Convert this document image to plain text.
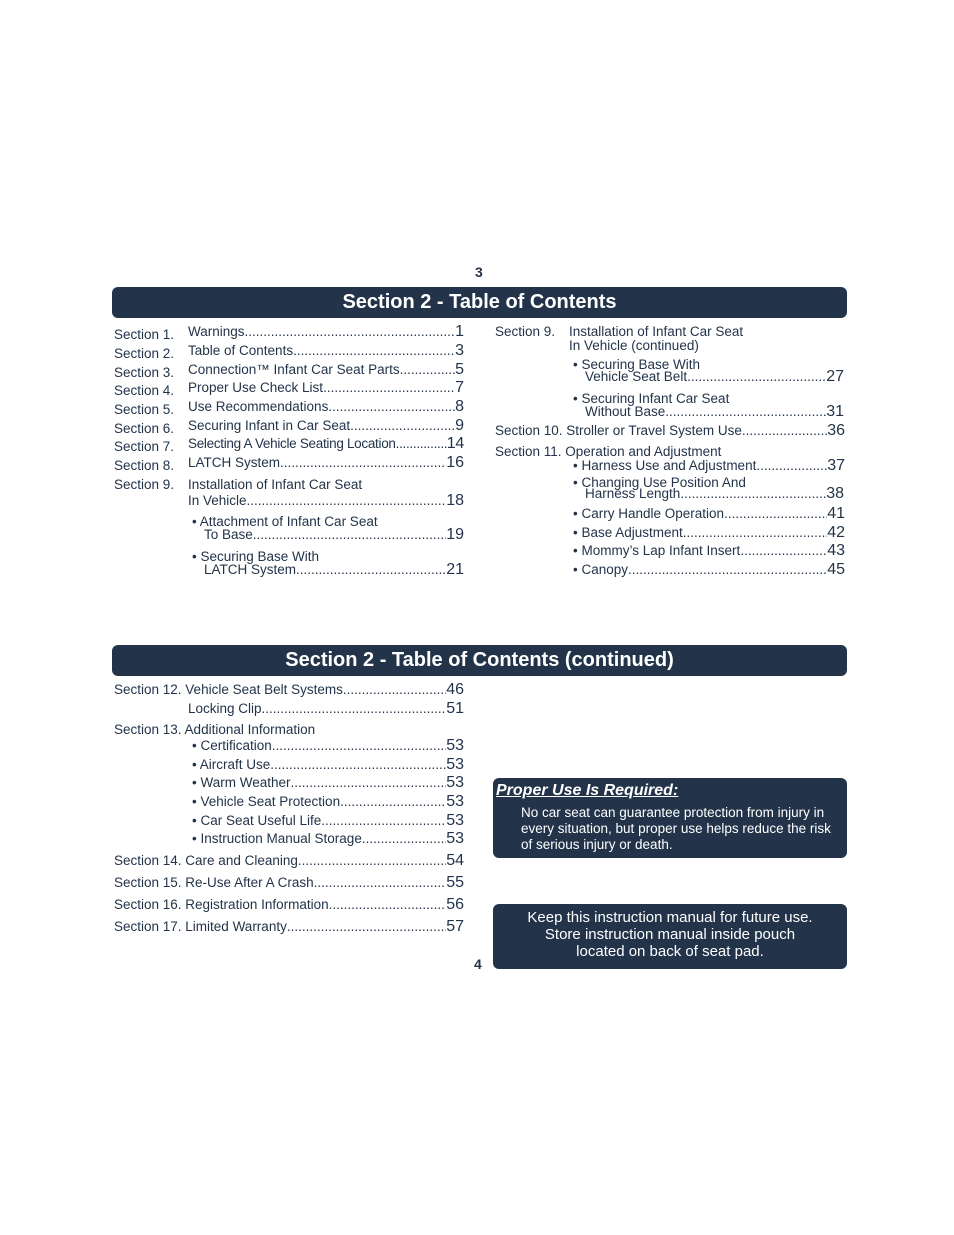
3
Section 2 - Table of Contents
Section 1. Warnings .....	1
Section 2. Table of Contents .....	3
Section 3. Connection™ Infant Car Seat Parts .....	5
Section 4. Proper Use Check List .....	7
Section 5. Use Recommendations .....	8
Section 6. Securing Infant in Car Seat .....	9
Section 7. Selecting A Vehicle Seating Location .....	14
Section 8. LATCH System .....	16
Section 9. Installation of Infant Car Seat
In Vehicle .....	18
• Attachment of Infant Car Seat
To Base .....	19
• Securing Base With
LATCH System .....	21
Section 9. Installation of Infant Car Seat
In Vehicle (continued)
• Securing Base With
Vehicle Seat Belt .....	27
• Securing Infant Car Seat
Without Base .....	31
Section 10. Stroller or Travel System Use .....	36
Section 11. Operation and Adjustment
• Harness Use and Adjustment .....	37
• Changing Use Position And
Harness Length .....	38
• Carry Handle Operation .....	41
• Base Adjustment .....	42
• Mommy’s Lap Infant Insert .....	43
• Canopy .....	45
Section 2 - Table of Contents (continued)
Section 12. Vehicle Seat Belt Systems .....	46
Locking Clip .....	51
Section 13. Additional Information
• Certification .....	53
• Aircraft Use .....	53
• Warm Weather .....	53
• Vehicle Seat Protection .....	53
• Car Seat Useful Life .....	53
• Instruction Manual Storage .....	53
Section 14. Care and Cleaning .....	54
Section 15. Re-Use After A Crash .....	55
Section 16. Registration Information .....	56
Section 17. Limited Warranty .....	57
Proper Use Is Required:
No car seat can guarantee protection from injury in every situation, but proper use helps reduce the risk of serious injury or death.
Keep this instruction manual for future use.
Store instruction manual inside pouch
located on back of seat pad.
4
